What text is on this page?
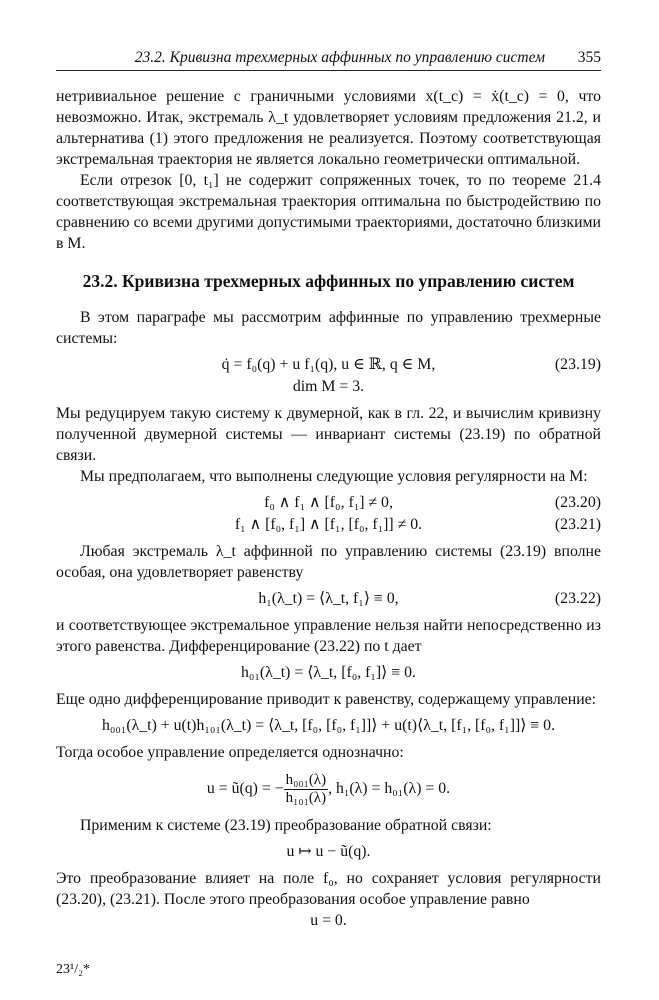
23.2. Кривизна трехмерных аффинных по управлению систем 355

нетривиальное решение с граничными условиями x(t_c) = ẋ(t_c) = 0, что невозможно. Итак, экстремаль λ_t удовлетворяет условиям предложения 21.2, и альтернатива (1) этого предложения не реализуется. Поэтому соответствующая экстремальная траектория не является локально геометрически оптимальной.

Если отрезок [0, t₁] не содержит сопряженных точек, то по теореме 21.4 соответствующая экстремальная траектория оптимальна по быстродействию по сравнению со всеми другими допустимыми траекториями, достаточно близкими в M.

23.2. Кривизна трехмерных аффинных по управлению систем

В этом параграфе мы рассмотрим аффинные по управлению трехмерные системы:

q̇ = f₀(q) + u f₁(q), u ∈ ℝ, q ∈ M,	(23.19)
dim M = 3.

Мы редуцируем такую систему к двумерной, как в гл. 22, и вычислим кривизну полученной двумерной системы — инвариант системы (23.19) по обратной связи.

Мы предполагаем, что выполнены следующие условия регулярности на M:

f₀ ∧ f₁ ∧ [f₀, f₁] ≠ 0,	(23.20)
f₁ ∧ [f₀, f₁] ∧ [f₁, [f₀, f₁]] ≠ 0.	(23.21)

Любая экстремаль λ_t аффинной по управлению системы (23.19) вполне особая, она удовлетворяет равенству

h₁(λ_t) = ⟨λ_t, f₁⟩ ≡ 0,	(23.22)

и соответствующее экстремальное управление нельзя найти непосредственно из этого равенства. Дифференцирование (23.22) по t дает

h₀₁(λ_t) = ⟨λ_t, [f₀, f₁]⟩ ≡ 0.

Еще одно дифференцирование приводит к равенству, содержащему управление:

h₀₀₁(λ_t) + u(t)h₁₀₁(λ_t) = ⟨λ_t, [f₀, [f₀, f₁]]⟩ + u(t)⟨λ_t, [f₁, [f₀, f₁]]⟩ ≡ 0.

Тогда особое управление определяется однозначно:

u = ũ(q) = − $\frac{\text{h₀₀₁(λ)}}{\text{h₁₀₁(λ)}}$ , h₁(λ) = h₀₁(λ) = 0.

Применим к системе (23.19) преобразование обратной связи:

u ↦ u − ũ(q).

Это преобразование влияет на поле f₀, но сохраняет условия регулярности (23.20), (23.21). После этого преобразования особое управление равно

u = 0.
23¹/₂*
